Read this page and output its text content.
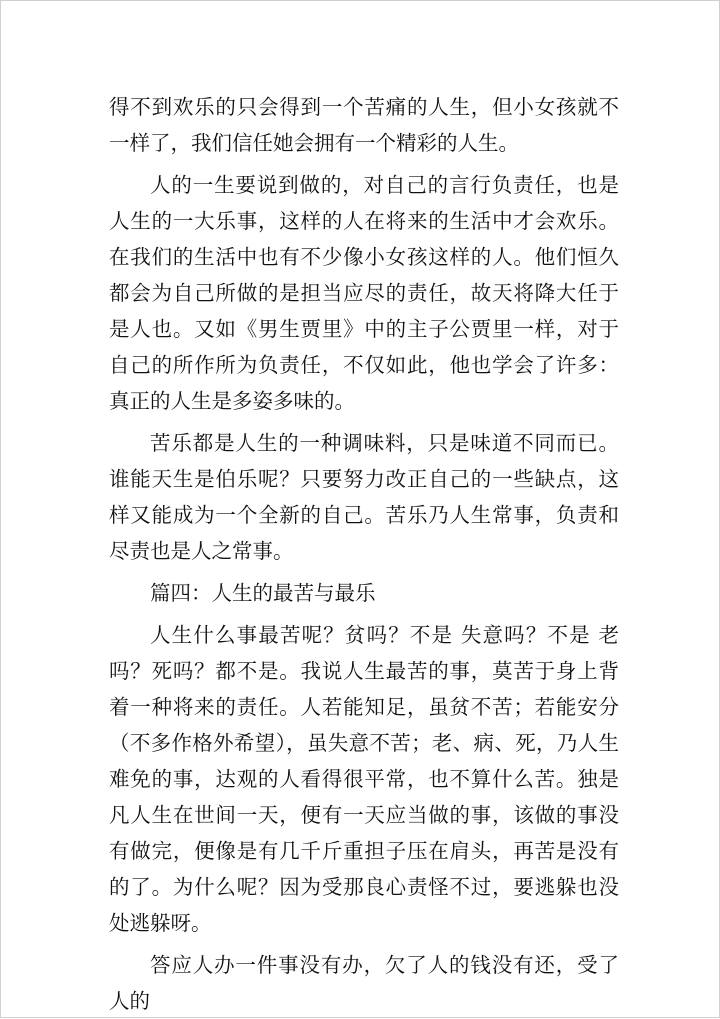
得不到欢乐的只会得到一个苦痛的人生，但小女孩就不一样了，我们信任她会拥有一个精彩的人生。

人的一生要说到做的，对自己的言行负责任，也是人生的一大乐事，这样的人在将来的生活中才会欢乐。在我们的生活中也有不少像小女孩这样的人。他们恒久都会为自己所做的是担当应尽的责任，故天将降大任于是人也。又如《男生贾里》中的主子公贾里一样，对于自己的所作所为负责任，不仅如此，他也学会了许多：真正的人生是多姿多味的。

苦乐都是人生的一种调味料，只是味道不同而已。谁能天生是伯乐呢？只要努力改正自己的一些缺点，这样又能成为一个全新的自己。苦乐乃人生常事，负责和尽责也是人之常事。

篇四：人生的最苦与最乐

人生什么事最苦呢？贫吗？不是 失意吗？不是 老吗？死吗？都不是。我说人生最苦的事，莫苦于身上背着一种将来的责任。人若能知足，虽贫不苦；若能安分（不多作格外希望），虽失意不苦；老、病、死，乃人生难免的事，达观的人看得很平常，也不算什么苦。独是凡人生在世间一天，便有一天应当做的事，该做的事没有做完，便像是有几千斤重担子压在肩头，再苦是没有的了。为什么呢？因为受那良心责怪不过，要逃躲也没处逃躲呀。

答应人办一件事没有办，欠了人的钱没有还，受了人的
